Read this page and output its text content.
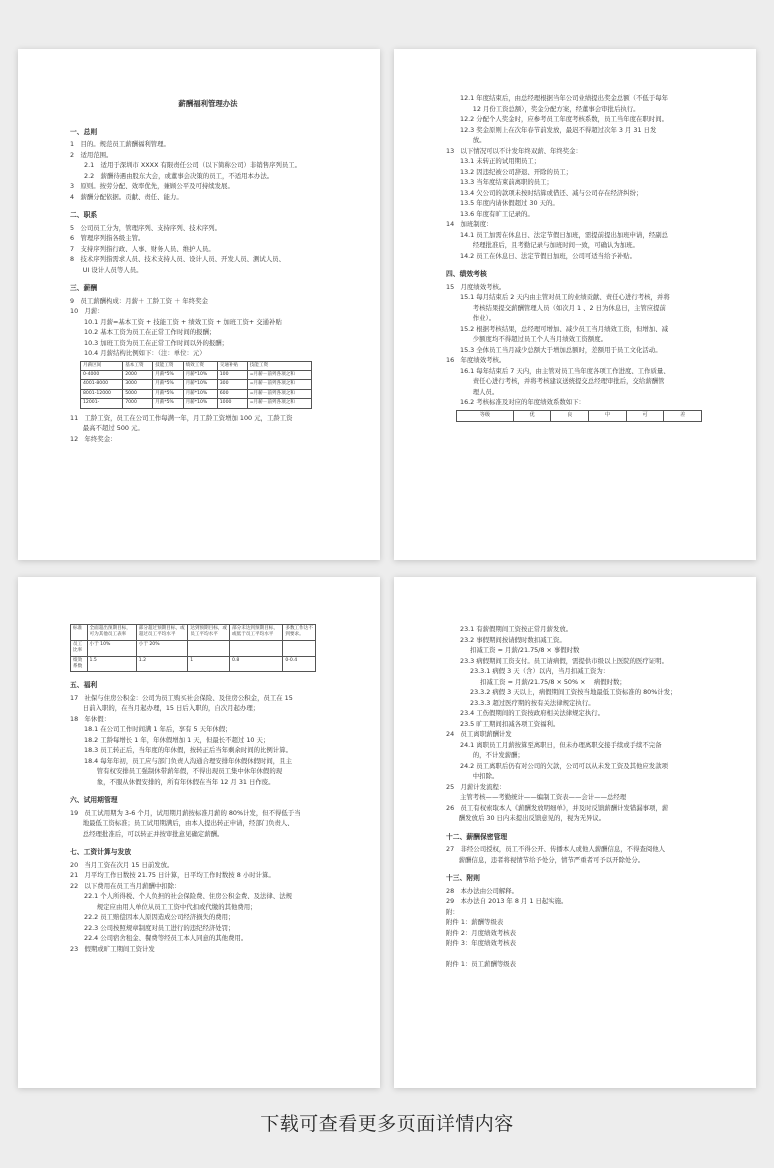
薪酬福利管理办法
一、总则
1　目的。规范员工薪酬福利管理。
2　适用范围。
2.1　适用于深圳市 XXXX 有限责任公司（以下简称公司）非销售序列员工。
2.2　薪酬待遇由股东大会，或董事会决策的员工，不适用本办法。
3　原则。按劳分配、效率优先，兼顾公平及可持续发展。
4　薪酬分配依据。贡献、责任、能力。
二、职系
5　公司员工分为，管理序列、支持序列、技术序列。
6　管理序列指各级主管。
7　支持序列指行政、人事、财务人员、维护人员。
8　技术序列指需求人员、技术支持人员、设计人员、开发人员、测试人员、
　　UI 设计人员等人员。
三、薪酬
9　员工薪酬构成：月薪＋ 工龄工资 ＋ 年终奖金
10　月薪：
10.1 月薪=基本工资 + 技能工资 + 绩效工资 + 加班工资+ 交通补贴
10.2 基本工资为员工在正常工作时间的报酬；
10.3 加班工资为员工在正常工作时间以外的报酬；
10.4 月薪结构比例如下：（注：单位：元）
月薪区间	基本工资	技能工资	绩效工资	交通补贴	技能工资
0-4000	2000	月薪*5%	月薪*10%	100	=月薪－前列各项之和
4001-8000	3000	月薪*5%	月薪*10%	300	=月薪－前列各项之和
8001-12000	5000	月薪*5%	月薪*10%	600	=月薪－前列各项之和
12001-	7000	月薪*5%	月薪*10%	1000	=月薪－前列各项之和
11　工龄工资，员工在公司工作每满一年，月工龄工资增加 100 元，工龄工资
　　最高不超过 500 元。
12　年终奖金：
12.1 年度结束后，由总经理根据当年公司业绩提出奖金总额（不低于每年
　　12 月份工资总额），奖金分配方案，经董事会审批后执行。
12.2 分配个人奖金时，应参考员工年度考核系数，员工当年度在职时间。
12.3 奖金原则上在次年春节前发放，最迟不得超过次年 3 月 31 日发
　　放。
13　以下情况可以不计发年终双薪、年终奖金：
13.1 未转正的试用期员工；
13.2 因违纪被公司辞退、开除的员工；
13.3 当年度结束前离职的员工；
13.4 欠公司的款项未按时结算或借还、减与公司存在经济纠纷；
13.5 年度内请休假超过 30 天的。
13.6 年度有旷工记录的。
14　加班制度：
14.1 员工加需在休息日、法定节假日加班，需提前提出加班申请，经副总
　　经理批准后，且考勤记录与加班时间一致，可确认为加班。
14.2 员工在休息日、法定节假日加班，公司可适当给予补贴。
四、绩效考核
15　月度绩效考核。
15.1 每月结束后 2 天内由主管对员工的业绩贡献、责任心进行考核，并将
　　考核结果提交薪酬管理人员（如次月 1 、2 日为休息日，主管应提前
　　作业）。
15.2 根据考核结果，总经理可增加、减少员工当月绩效工资，但增加、减
　　少额度均不得超过员工个人当月绩效工资额度。
15.3 全体员工当月减少总额大于增加总额时，差额用于员工文化活动。
16　年度绩效考核。
16.1 每年结束后 7 天内，由主管对员工当年度各项工作进度、工作质量、
　　责任心进行考核，并将考核建议送统提交总经理审批后，交给薪酬管
　　理人员。
16.2 考核标准及对应的年度绩效系数如下：
等级	优	良	中	可	差
标准	全面超出预期目标，可为其他员工表率	部分超过预期目标，或超过员工平均水平	达到预期目标，或员工平均水平	部分未达到预期目标，或低于员工平均水平	多数工作达不到要求。
员工比率	小于 10%	小于 20%			
绩效系数	1.5	1.2	1	0.8	0-0.4
五、福利
17　社保与住房公积金：公司为员工购买社会保险、及住房公积金，员工在 15
　　日前入职的，在当月起办理，15 日后入职的，自次月起办理；
18　年休假：
18.1 在公司工作时间满 1 年后，享有 5 天年休假；
18.2 工龄每增长 1 年，年休假增加 1 天，但最长不超过 10 天；
18.3 员工转正后，当年度的年休假，按转正后当年剩余时间的比例计算。
18.4 每年年初，员工应与部门负责人沟通合理安排年休假休假时间，且主
　　管有权安排员工强制休带薪年假，不得出现员工集中休年休假的现
　　象，不服从休假安排的，所有年休假在当年 12 月 31 日作废。
六、试用期管理
19　员工试用期为 3-6 个月，试用期月薪按标准月薪的 80%计发，但不得低于当
　　地最低工资标准；员工试用期满后，由本人提出转正申请，经部门负责人、
　　总经理批准后，可以转正并按审批意见确定薪酬。
七、工资计算与发放
20　当月工资在次月 15 日前发放。
21　月平均工作日数按 21.75 日计算，日平均工作时数按 8 小时计算。
22　以下费用在员工当月薪酬中扣除：
22.1 个人所得税、个人负担的社会保险费、住房公积金费、及法律、法规
　　规定应由用人单位从员工工资中代扣或代缴的其他费用；
22.2 员工赔偿因本人原因造成公司经济损失的费用；
22.3 公司按照规章制度对员工进行的违纪经济处罚；
22.4 公司宿舍租金、餐费等经员工本人同意的其他费用。
23　假期或旷工期间工资计发
23.1 有薪假期间工资按正常月薪发放。
23.2 事假期间按请假时数扣减工资。
扣减工资 = 月薪/21.75/8 × 事假时数
23.3 病假期间工资支付。员工请病假，需提供市级以上医院的医疗证明。
23.3.1 病假 3 天（含）以内，当月扣减工资为：
扣减工资 = 月薪/21.75/8 × 50% × 　病假时数；
23.3.2 病假 3 天以上，病假期间工资按当地最低工资标准的 80%计发；
23.3.3 超过医疗期的按有关法律规定执行。
23.4 工伤假期间的工资按政府相关法律规定执行。
23.5 旷工期间扣减各项工资福利。
24　员工离职薪酬计发
24.1 离职员工月薪按算至离职日，但未办理离职交接手续或手续不完备
　　的，不计发薪酬；
24.2 员工离职后仍有对公司的欠款，公司可以从未发工资及其他应发款项
　　中扣除。
25　月薪计发流程：
主管考核——考勤统计——编制工资表——会计——总经理
26　员工有权索取本人《薪酬发放明细单》，并及时反馈薪酬计发错漏事项，薪
　　酬发放后 30 日内未提出反馈意见的，视为无异议。
十二、薪酬保密管理
27　非经公司授权，员工不得公开、传播本人或他人薪酬信息，不得查阅他人
　　薪酬信息，违者将视情节给予处分，情节严重者可予以开除处分。
十三、附则
28　本办法由公司解释。
29　本办法自 2013 年 8 月 1 日起实施。
附：
附件 1：薪酬等级表
附件 2：月度绩效考核表
附件 3：年度绩效考核表
附件 1：员工薪酬等级表
下载可查看更多页面详情内容
